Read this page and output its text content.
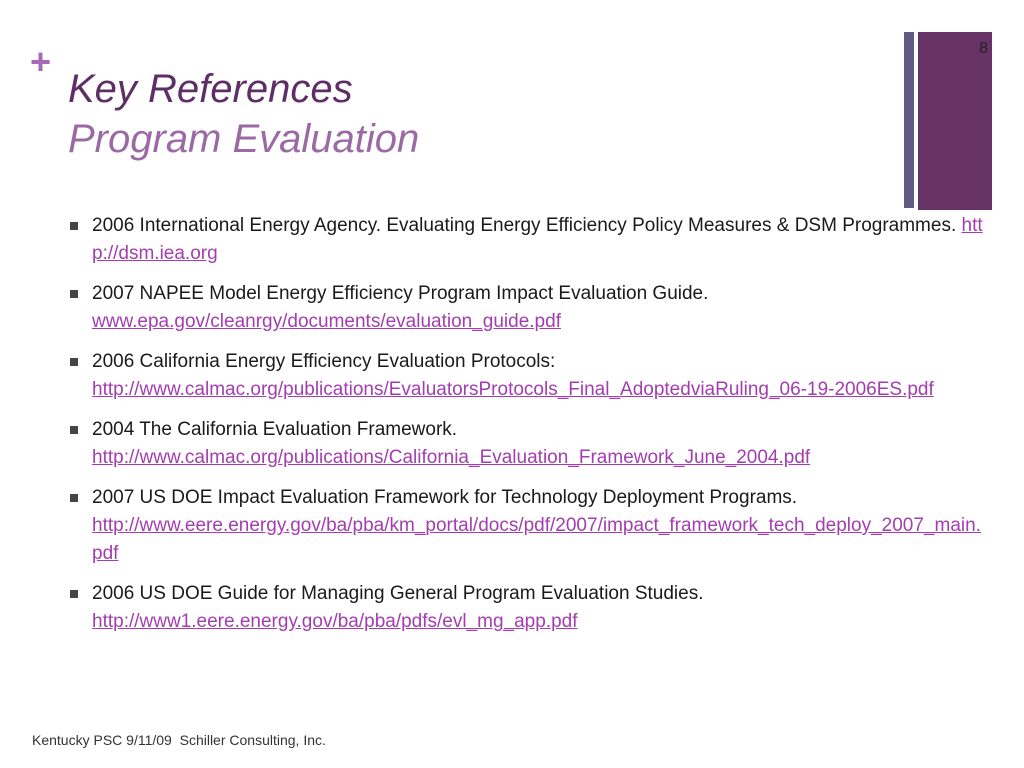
+
Key References
Program Evaluation
8
2006 International Energy Agency. Evaluating Energy Efficiency Policy Measures & DSM Programmes. http://dsm.iea.org
2007 NAPEE Model Energy Efficiency Program Impact Evaluation Guide.
www.epa.gov/cleanrgy/documents/evaluation_guide.pdf
2006 California Energy Efficiency Evaluation Protocols:
http://www.calmac.org/publications/EvaluatorsProtocols_Final_AdoptedviaRuling_06-19-2006ES.pdf
2004 The California Evaluation Framework.
http://www.calmac.org/publications/California_Evaluation_Framework_June_2004.pdf
2007 US DOE Impact Evaluation Framework for Technology Deployment Programs.
http://www.eere.energy.gov/ba/pba/km_portal/docs/pdf/2007/impact_framework_tech_deploy_2007_main.pdf
2006 US DOE Guide for Managing General Program Evaluation Studies.
http://www1.eere.energy.gov/ba/pba/pdfs/evl_mg_app.pdf
Kentucky PSC 9/11/09  Schiller Consulting, Inc.
